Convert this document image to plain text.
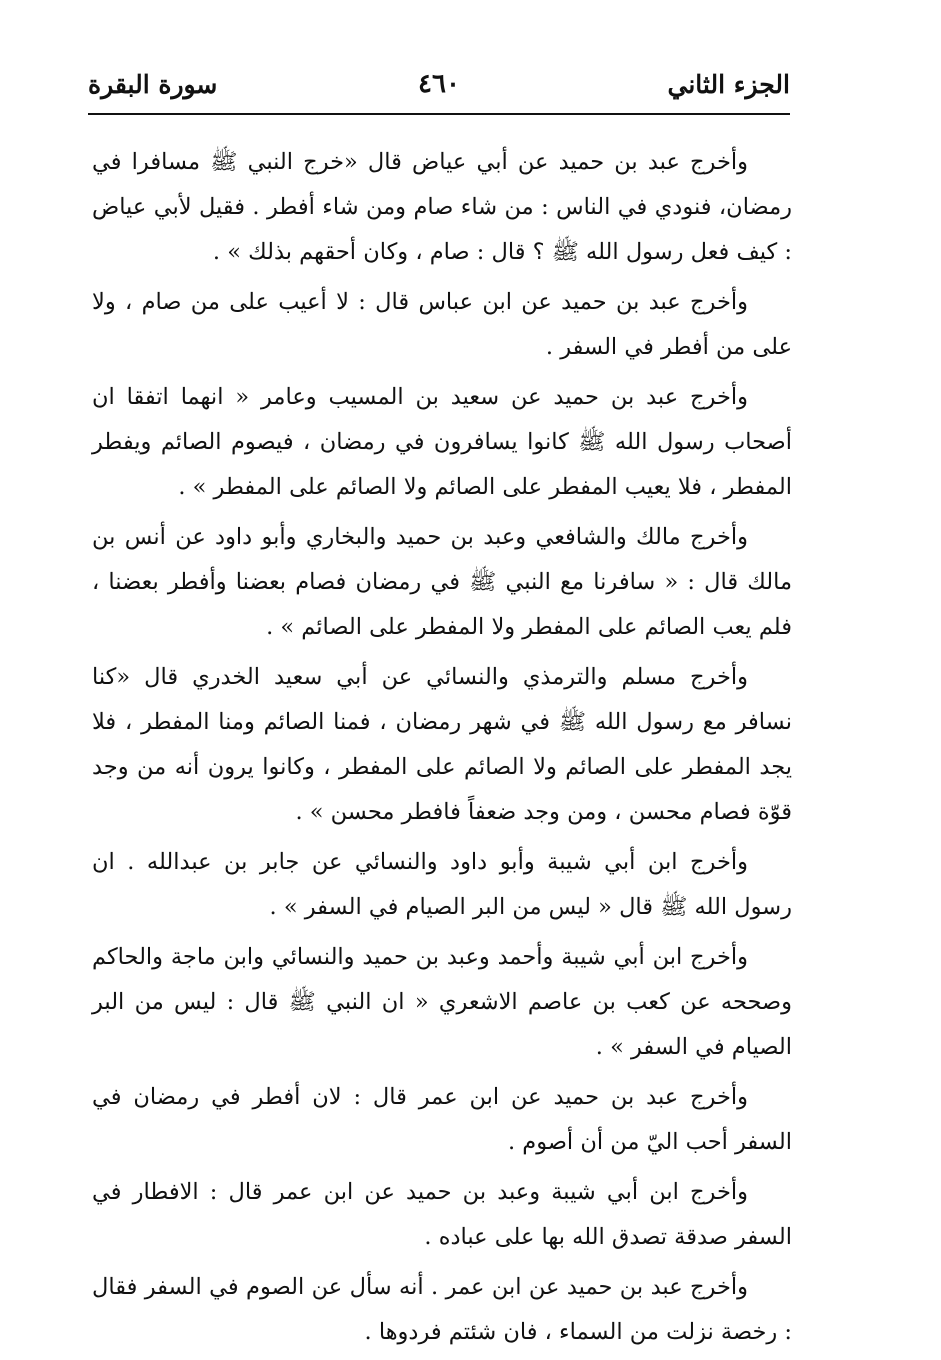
الجزء الثاني
٤٦٠
سورة البقرة

وأخرج عبد بن حميد عن أبي عياض قال «خرج النبي ﷺ مسافرا في رمضان، فنودي في الناس : من شاء صام ومن شاء أفطر . فقيل لأبي عياض : كيف فعل رسول الله ﷺ ؟ قال : صام ، وكان أحقهم بذلك » .

وأخرج عبد بن حميد عن ابن عباس قال : لا أعيب على من صام ، ولا على من أفطر في السفر .

وأخرج عبد بن حميد عن سعيد بن المسيب وعامر « انهما اتفقا ان أصحاب رسول الله ﷺ كانوا يسافرون في رمضان ، فيصوم الصائم ويفطر المفطر ، فلا يعيب المفطر على الصائم ولا الصائم على المفطر » .

وأخرج مالك والشافعي وعبد بن حميد والبخاري وأبو داود عن أنس بن مالك قال : « سافرنا مع النبي ﷺ في رمضان فصام بعضنا وأفطر بعضنا ، فلم يعب الصائم على المفطر ولا المفطر على الصائم » .

وأخرج مسلم والترمذي والنسائي عن أبي سعيد الخدري قال «كنا نسافر مع رسول الله ﷺ في شهر رمضان ، فمنا الصائم ومنا المفطر ، فلا يجد المفطر على الصائم ولا الصائم على المفطر ، وكانوا يرون أنه من وجد قوّة فصام محسن ، ومن وجد ضعفاً فافطر محسن » .

وأخرج ابن أبي شيبة وأبو داود والنسائي عن جابر بن عبدالله . ان رسول الله ﷺ قال « ليس من البر الصيام في السفر » .

وأخرج ابن أبي شيبة وأحمد وعبد بن حميد والنسائي وابن ماجة والحاكم وصححه عن كعب بن عاصم الاشعري « ان النبي ﷺ قال : ليس من البر الصيام في السفر » .

وأخرج عبد بن حميد عن ابن عمر قال : لان أفطر في رمضان في السفر أحب اليّ من أن أصوم .

وأخرج ابن أبي شيبة وعبد بن حميد عن ابن عمر قال : الافطار في السفر صدقة تصدق الله بها على عباده .

وأخرج عبد بن حميد عن ابن عمر . أنه سأل عن الصوم في السفر فقال : رخصة نزلت من السماء ، فان شئتم فردوها .
